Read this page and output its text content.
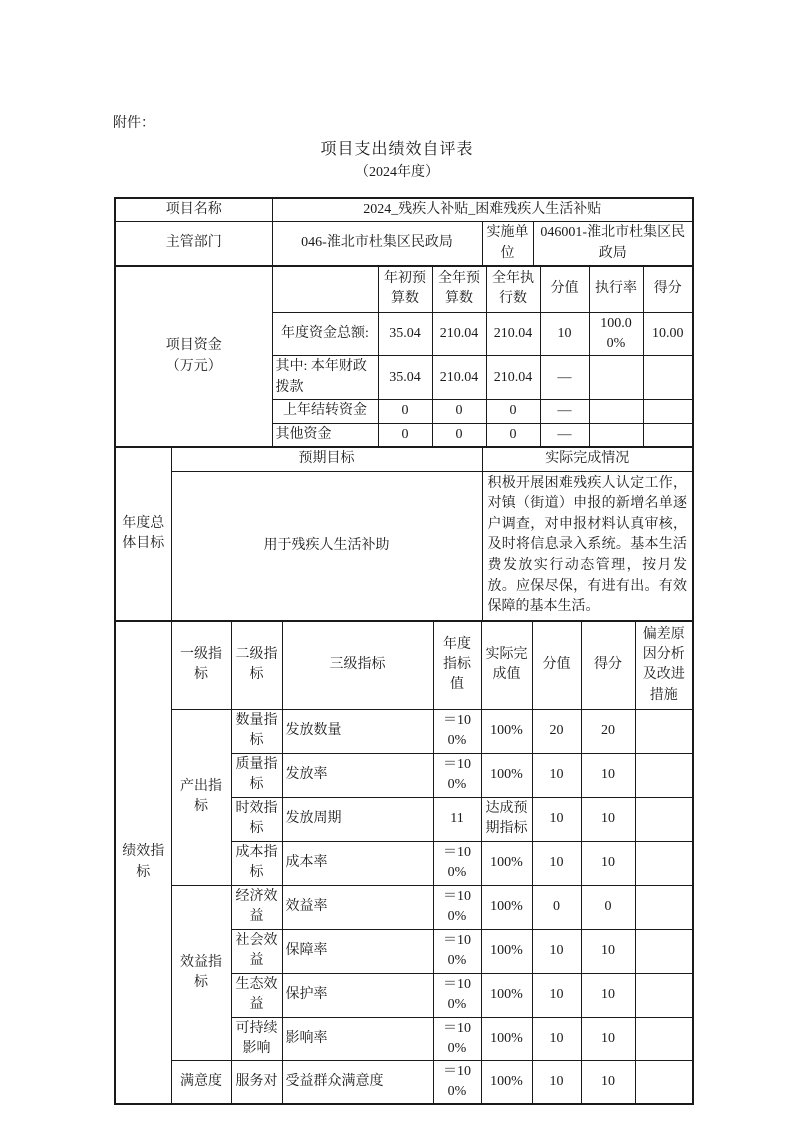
附件：
项目支出绩效自评表
（2024年度）
项目名称	2024_残疾人补贴_困难残疾人生活补贴		
主管部门	046-淮北市杜集区民政局	实施单位	046001-淮北市杜集区民政局
项目资金
（万元）		年初预算数	全年预算数	全年执行数	分值	执行率	得分
	年度资金总额:	35.04	210.04	210.04	10	100.00%	10.00
	其中: 本年财政拨款	35.04	210.04	210.04	—		
	上年结转资金	0	0	0	—		
	其他资金	0	0	0	—		
年度总体目标	预期目标	实际完成情况
	用于残疾人生活补助	积极开展困难残疾人认定工作，对镇（街道）申报的新增名单逐户调查，对申报材料认真审核，及时将信息录入系统。基本生活费发放实行动态管理，按月发放。应保尽保，有进有出。有效保障的基本生活。
绩效指标	一级指标	二级指标	三级指标	年度指标值	实际完成值	分值	得分	偏差原因分析及改进措施
	产出指标	数量指标	发放数量	＝100%	100%	20	20	
		质量指标	发放率	＝100%	100%	10	10	
		时效指标	发放周期	11	达成预期指标	10	10	
		成本指标	成本率	＝100%	100%	10	10	
	效益指标	经济效益	效益率	＝100%	100%	0	0	
		社会效益	保障率	＝100%	100%	10	10	
		生态效益	保护率	＝100%	100%	10	10	
		可持续影响	影响率	＝100%	100%	10	10	
	满意度	服务对	受益群众满意度	＝100%	100%	10	10	
